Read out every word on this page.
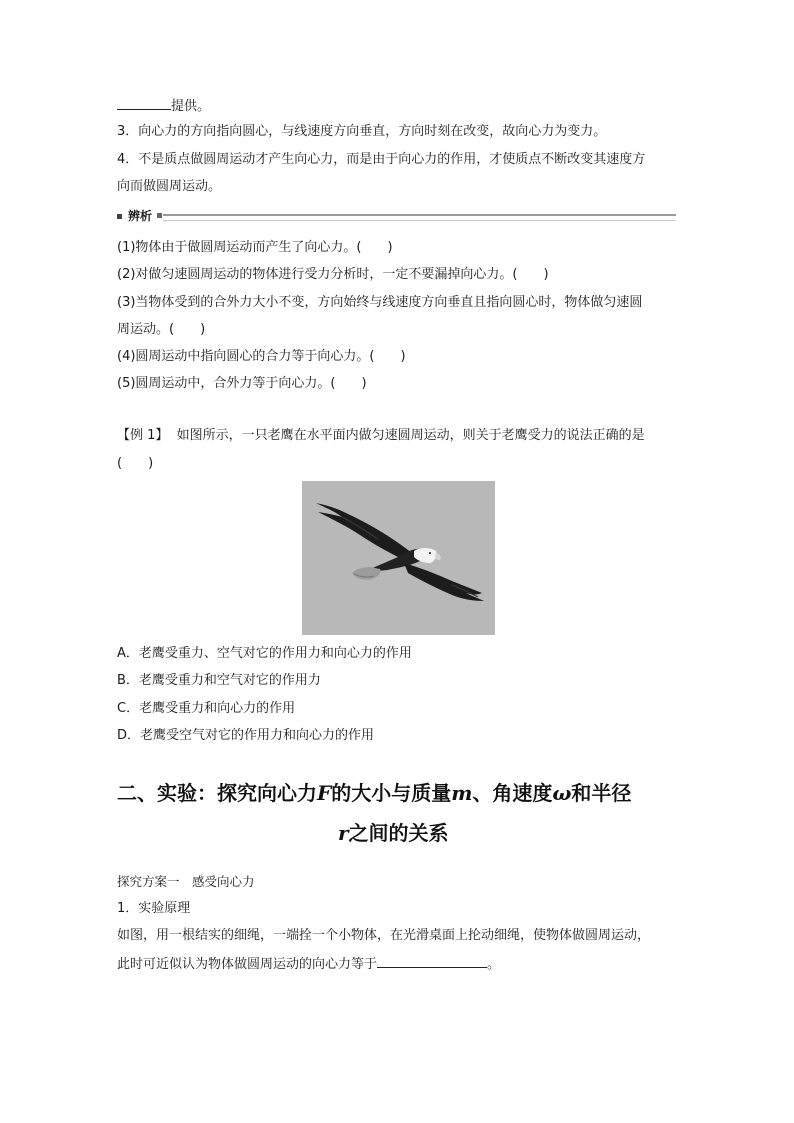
提供。
3．向心力的方向指向圆心，与线速度方向垂直，方向时刻在改变，故向心力为变力。
4．不是质点做圆周运动才产生向心力，而是由于向心力的作用，才使质点不断改变其速度方
向而做圆周运动。
辨析
(1)物体由于做圆周运动而产生了向心力。(　　)
(2)对做匀速圆周运动的物体进行受力分析时，一定不要漏掉向心力。(　　)
(3)当物体受到的合外力大小不变，方向始终与线速度方向垂直且指向圆心时，物体做匀速圆
周运动。(　　)
(4)圆周运动中指向圆心的合力等于向心力。(　　)
(5)圆周运动中，合外力等于向心力。(　　)
【例 1】 如图所示，一只老鹰在水平面内做匀速圆周运动，则关于老鹰受力的说法正确的是
(　　)
A．老鹰受重力、空气对它的作用力和向心力的作用
B．老鹰受重力和空气对它的作用力
C．老鹰受重力和向心力的作用
D．老鹰受空气对它的作用力和向心力的作用
二、实验：探究向心力F的大小与质量m、角速度ω和半径
r之间的关系
探究方案一　感受向心力
1．实验原理
如图，用一根结实的细绳，一端拴一个小物体，在光滑桌面上抡动细绳，使物体做圆周运动，
此时可近似认为物体做圆周运动的向心力等于	。
